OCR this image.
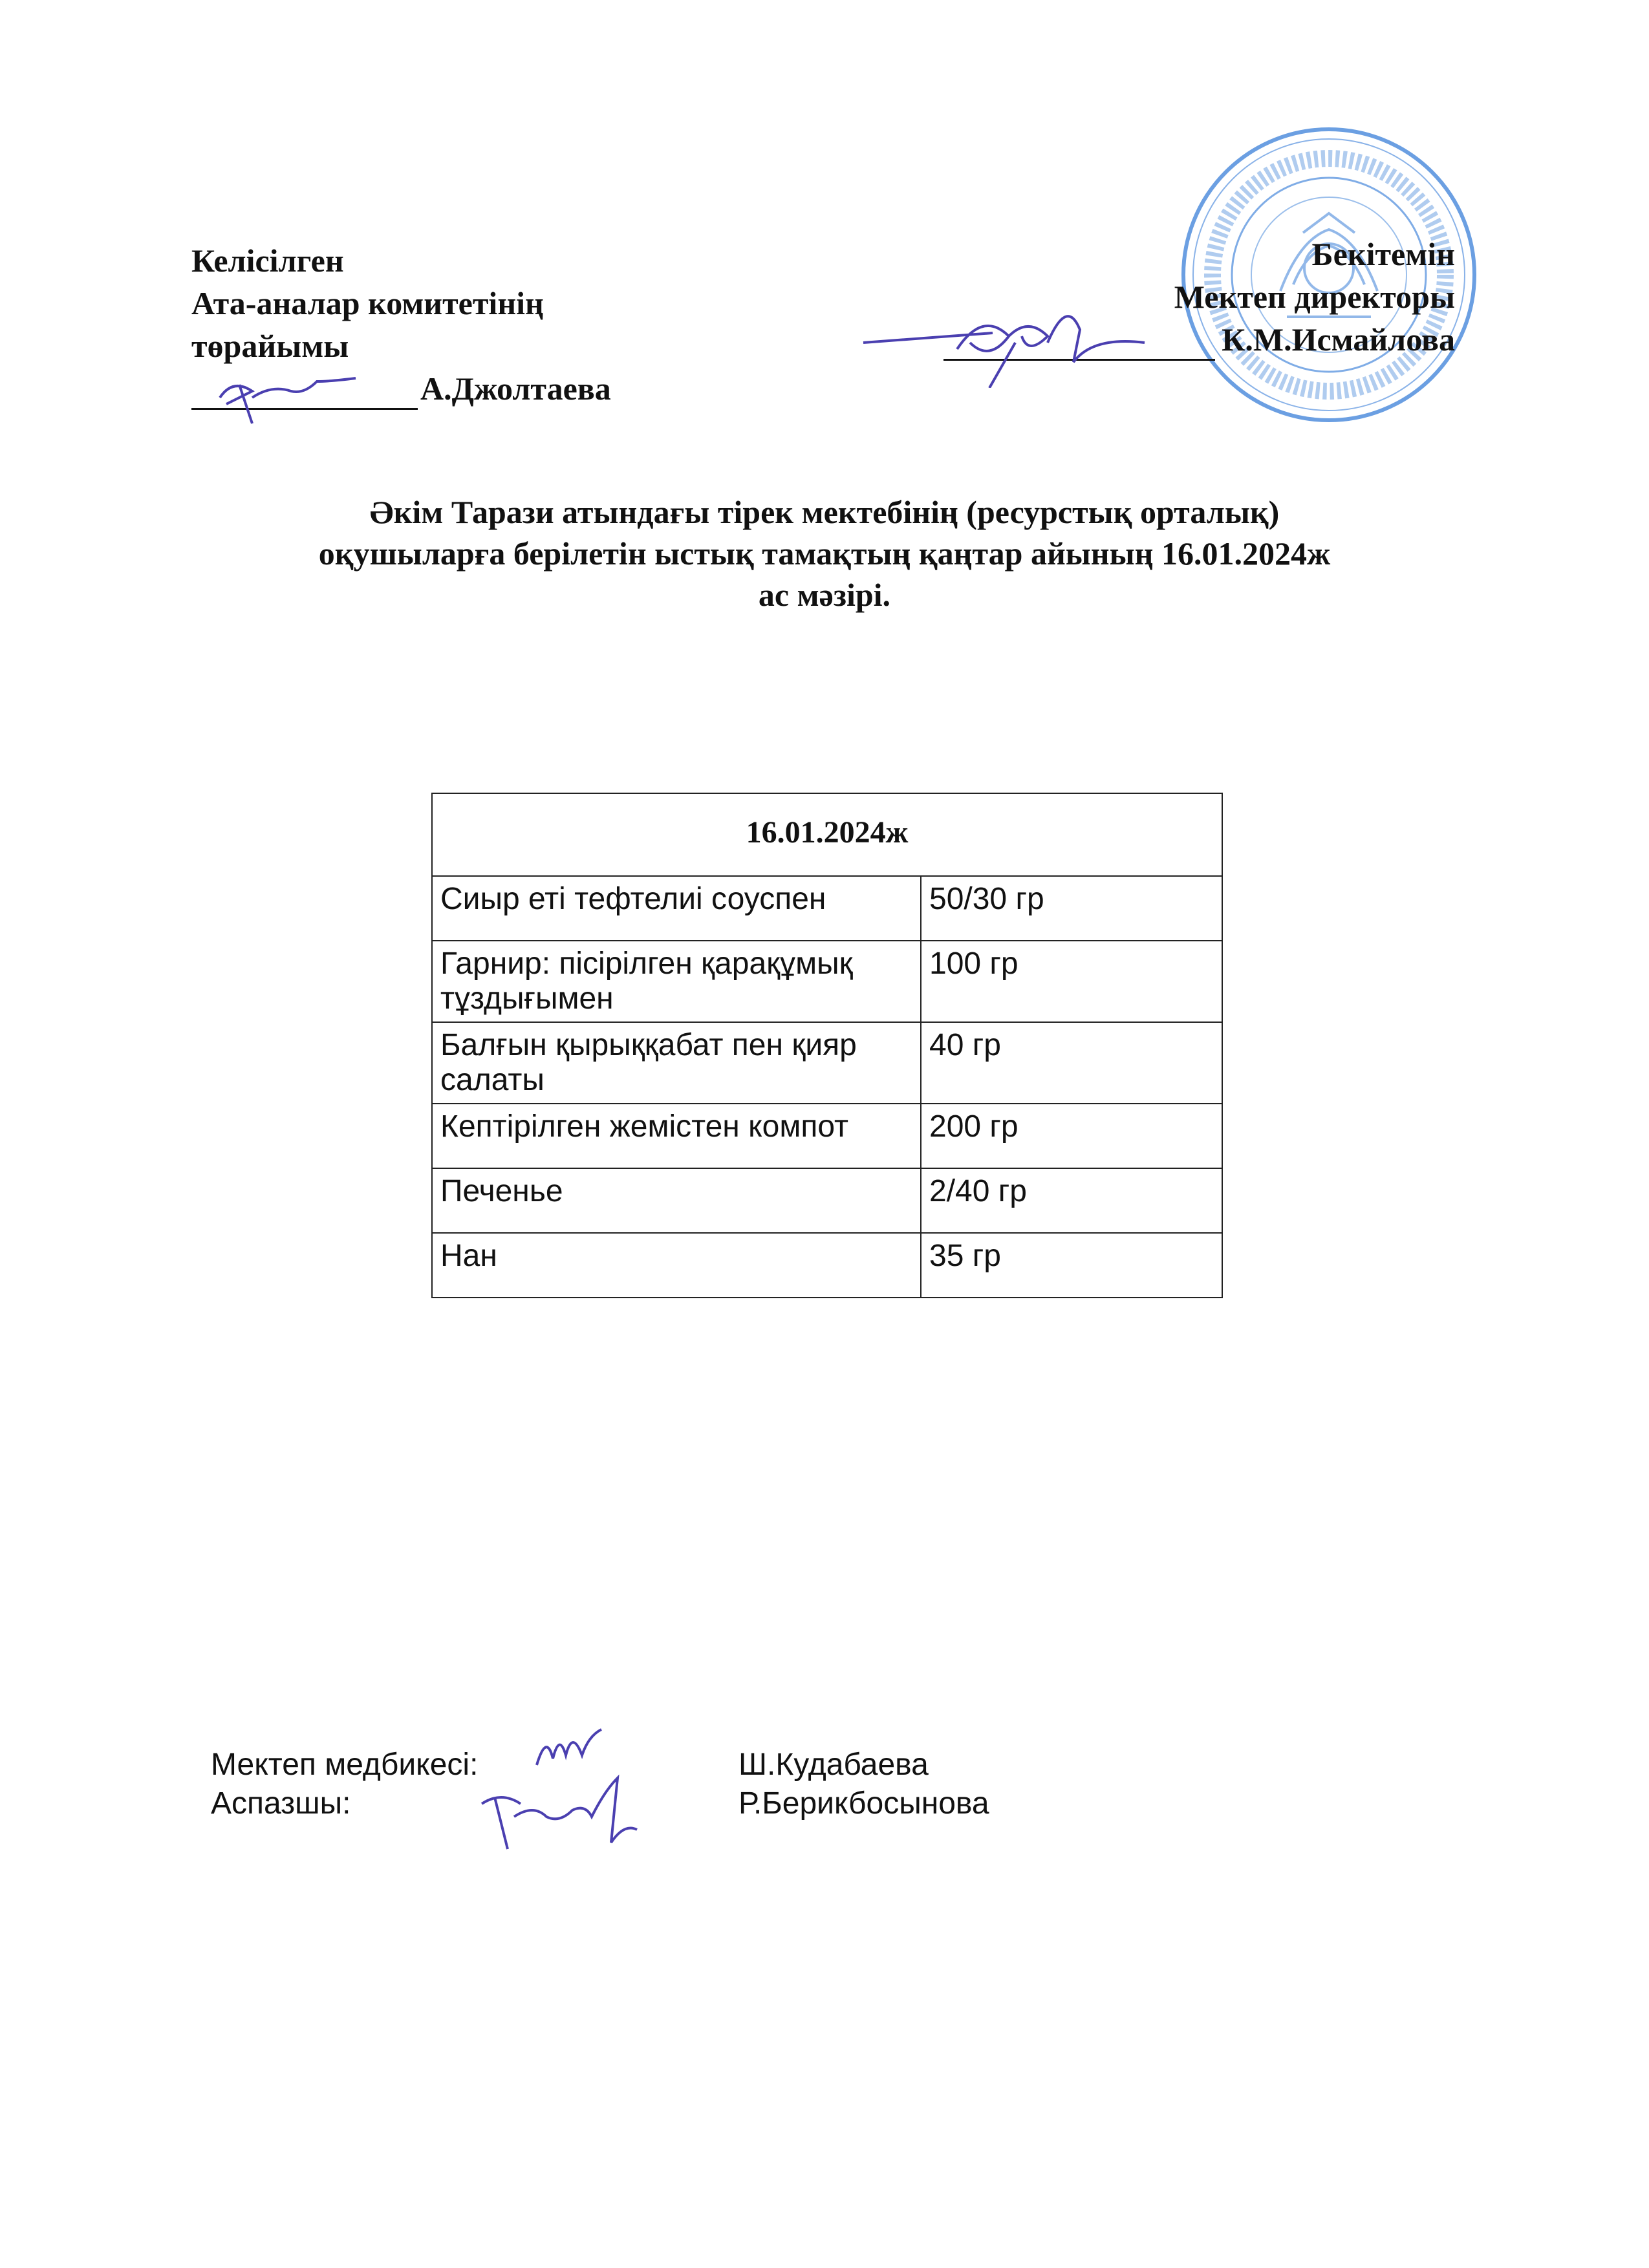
Келісілген
Ата-аналар комитетінің
төрайымы
А.Джолтаева
Бекітемін
Мектеп директоры
К.М.Исмайлова
Әкім Тарази атындағы тірек мектебінің (ресурстық орталық)
оқушыларға берілетін ыстық тамақтың қаңтар айының 16.01.2024ж
ас мәзірі.
16.01.2024ж	
Сиыр еті тефтелиі соуспен	50/30 гр
Гарнир: пісірілген қарақұмық тұздығымен	100 гр
Балғын қырыққабат пен қияр салаты	40 гр
Кептірілген жемістен компот	200 гр
Печенье	2/40 гр
Нан	35 гр
Мектеп медбикесі:	Ш.Кудабаева
Аспазшы:	Р.Берикбосынова
